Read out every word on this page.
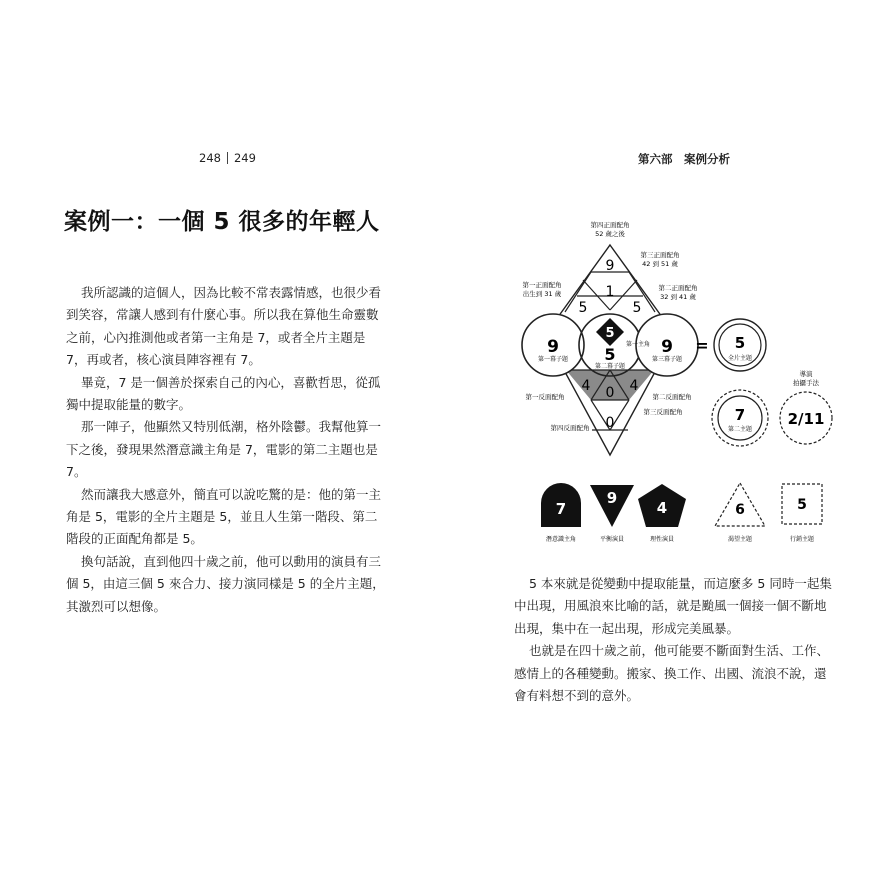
248 249	第六部　案例分析
案例一：一個 5 很多的年輕人

我所認識的這個人，因為比較不常表露情感，也很少看到笑容，常讓人感到有什麼心事。所以我在算他生命靈數之前，心內推測他或者第一主角是 7，或者全片主題是 7，再或者，核心演員陣容裡有 7。

畢竟，7 是一個善於探索自己的內心，喜歡哲思，從孤獨中提取能量的數字。

那一陣子，他顯然又特別低潮，格外陰鬱。我幫他算一下之後，發現果然潛意識主角是 7，電影的第二主題也是 7。

然而讓我大感意外，簡直可以說吃驚的是：他的第一主角是 5，電影的全片主題是 5，並且人生第一階段、第二階段的正面配角都是 5。

換句話說，直到他四十歲之前，他可以動用的演員有三個 5，由這三個 5 來合力、接力演同樣是 5 的全片主題，其激烈可以想像。

9
1
5	5
5
5
9	9
4	4
0
0
第四正面配角
52 歲之後
第三正面配角
42 到 51 歲
第一正面配角
出生到 31 歲
第二正面配角
32 到 41 歲
第一主角
第一幕子題
第二幕子題
第三幕子題
第一反面配角	第二反面配角
第三反面配角
第四反面配角
= 5
全片主題
導演
拍攝手法
7
第二主題
2/11
7
潛意識主角
9
平衡演員
4
理性演員
6
渴望主題
5
行銷主題

5 本來就是從變動中提取能量，而這麼多 5 同時一起集中出現，用風浪來比喻的話，就是颱風一個接一個不斷地出現，集中在一起出現，形成完美風暴。

也就是在四十歲之前，他可能要不斷面對生活、工作、感情上的各種變動。搬家、換工作、出國、流浪不說，還會有料想不到的意外。
